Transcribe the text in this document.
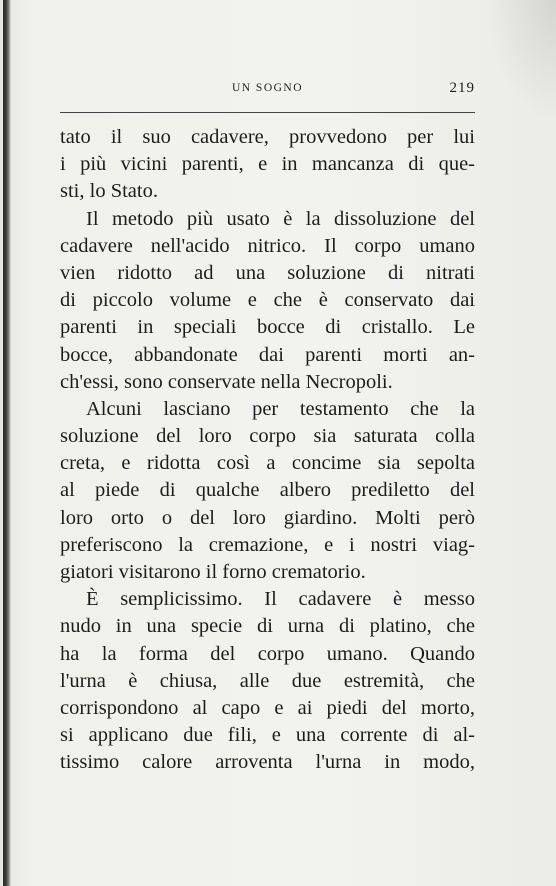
UN SOGNO	219
tato il suo cadavere, provvedono per lui
i più vicini parenti, e in mancanza di que-
sti, lo Stato.
Il metodo più usato è la dissoluzione del
cadavere nell'acido nitrico. Il corpo umano
vien ridotto ad una soluzione di nitrati
di piccolo volume e che è conservato dai
parenti in speciali bocce di cristallo. Le
bocce, abbandonate dai parenti morti an-
ch'essi, sono conservate nella Necropoli.
Alcuni lasciano per testamento che la
soluzione del loro corpo sia saturata colla
creta, e ridotta così a concime sia sepolta
al piede di qualche albero prediletto del
loro orto o del loro giardino. Molti però
preferiscono la cremazione, e i nostri viag-
giatori visitarono il forno crematorio.
È semplicissimo. Il cadavere è messo
nudo in una specie di urna di platino, che
ha la forma del corpo umano. Quando
l'urna è chiusa, alle due estremità, che
corrispondono al capo e ai piedi del morto,
si applicano due fili, e una corrente di al-
tissimo calore arroventa l'urna in modo,
